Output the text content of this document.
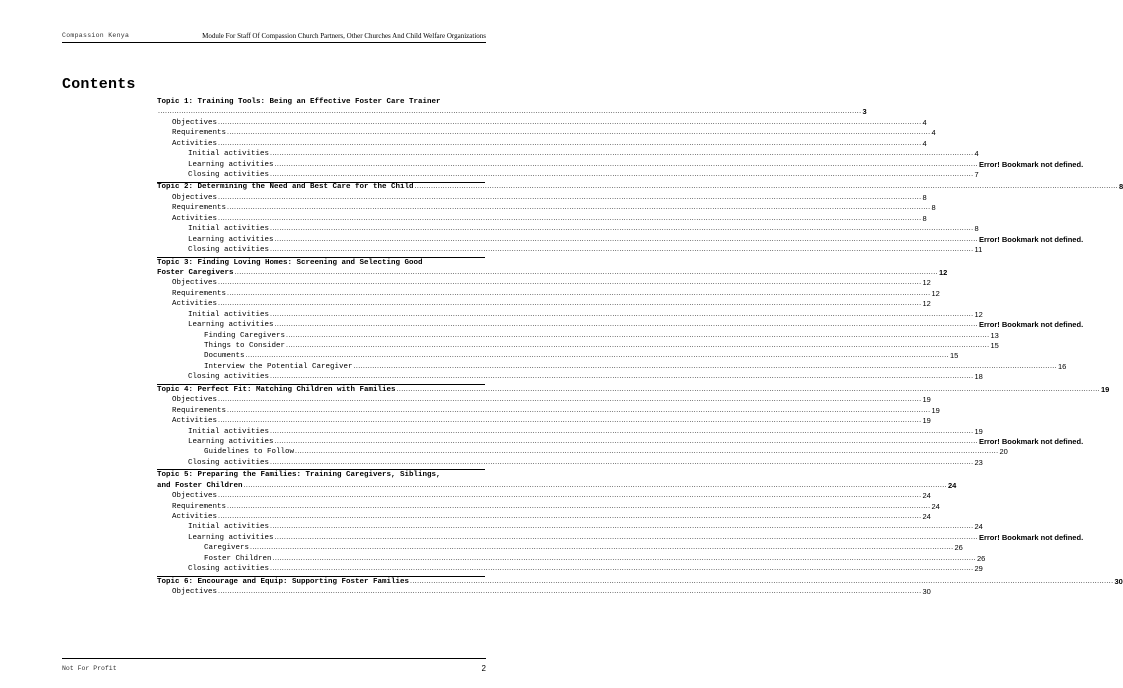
Compassion Kenya	Module For Staff Of Compassion Church Partners, Other Churches And Child Welfare Organizations
Contents
Topic 1: Training Tools: Being an Effective Foster Care Trainer
............................................................................................................................................................................................................................................................................................................ 3
Objectives ............................................................................................................................................................................................................................................................................................................ 4
Requirements ............................................................................................................................................................................................................................................................................................................ 4
Activities ............................................................................................................................................................................................................................................................................................................ 4
Initial activities ............................................................................................................................................................................................................................................................................................................ 4
Learning activities ............................................................................................................................................................................................................................................................................................................ Error! Bookmark not defined.
Closing activities ............................................................................................................................................................................................................................................................................................................ 7
Topic 2: Determining the Need and Best Care for the Child ............................................................................................................................................................................................................................................................................................................ 8
Objectives ............................................................................................................................................................................................................................................................................................................ 8
Requirements ............................................................................................................................................................................................................................................................................................................ 8
Activities ............................................................................................................................................................................................................................................................................................................ 8
Initial activities ............................................................................................................................................................................................................................................................................................................ 8
Learning activities ............................................................................................................................................................................................................................................................................................................ Error! Bookmark not defined.
Closing activities ............................................................................................................................................................................................................................................................................................................ 11
Topic 3: Finding Loving Homes: Screening and Selecting Good
Foster Caregivers ............................................................................................................................................................................................................................................................................................................ 12
Objectives ............................................................................................................................................................................................................................................................................................................ 12
Requirements ............................................................................................................................................................................................................................................................................................................ 12
Activities ............................................................................................................................................................................................................................................................................................................ 12
Initial activities ............................................................................................................................................................................................................................................................................................................ 12
Learning activities ............................................................................................................................................................................................................................................................................................................ Error! Bookmark not defined.
Finding Caregivers ............................................................................................................................................................................................................................................................................................................ 13
Things to Consider ............................................................................................................................................................................................................................................................................................................ 15
Documents ............................................................................................................................................................................................................................................................................................................ 15
Interview the Potential Caregiver ............................................................................................................................................................................................................................................................................................................ 16
Closing activities ............................................................................................................................................................................................................................................................................................................ 18
Topic 4: Perfect Fit: Matching Children with Families ............................................................................................................................................................................................................................................................................................................ 19
Objectives ............................................................................................................................................................................................................................................................................................................ 19
Requirements ............................................................................................................................................................................................................................................................................................................ 19
Activities ............................................................................................................................................................................................................................................................................................................ 19
Initial activities ............................................................................................................................................................................................................................................................................................................ 19
Learning activities ............................................................................................................................................................................................................................................................................................................ Error! Bookmark not defined.
Guidelines to Follow ............................................................................................................................................................................................................................................................................................................ 20
Closing activities ............................................................................................................................................................................................................................................................................................................ 23
Topic 5: Preparing the Families: Training Caregivers, Siblings,
and Foster Children ............................................................................................................................................................................................................................................................................................................ 24
Objectives ............................................................................................................................................................................................................................................................................................................ 24
Requirements ............................................................................................................................................................................................................................................................................................................ 24
Activities ............................................................................................................................................................................................................................................................................................................ 24
Initial activities ............................................................................................................................................................................................................................................................................................................ 24
Learning activities ............................................................................................................................................................................................................................................................................................................ Error! Bookmark not defined.
Caregivers ............................................................................................................................................................................................................................................................................................................ 26
Foster Children ............................................................................................................................................................................................................................................................................................................ 26
Closing activities ............................................................................................................................................................................................................................................................................................................ 29
Topic 6: Encourage and Equip: Supporting Foster Families ............................................................................................................................................................................................................................................................................................................ 30
Objectives ............................................................................................................................................................................................................................................................................................................ 30
Not For Profit	2
